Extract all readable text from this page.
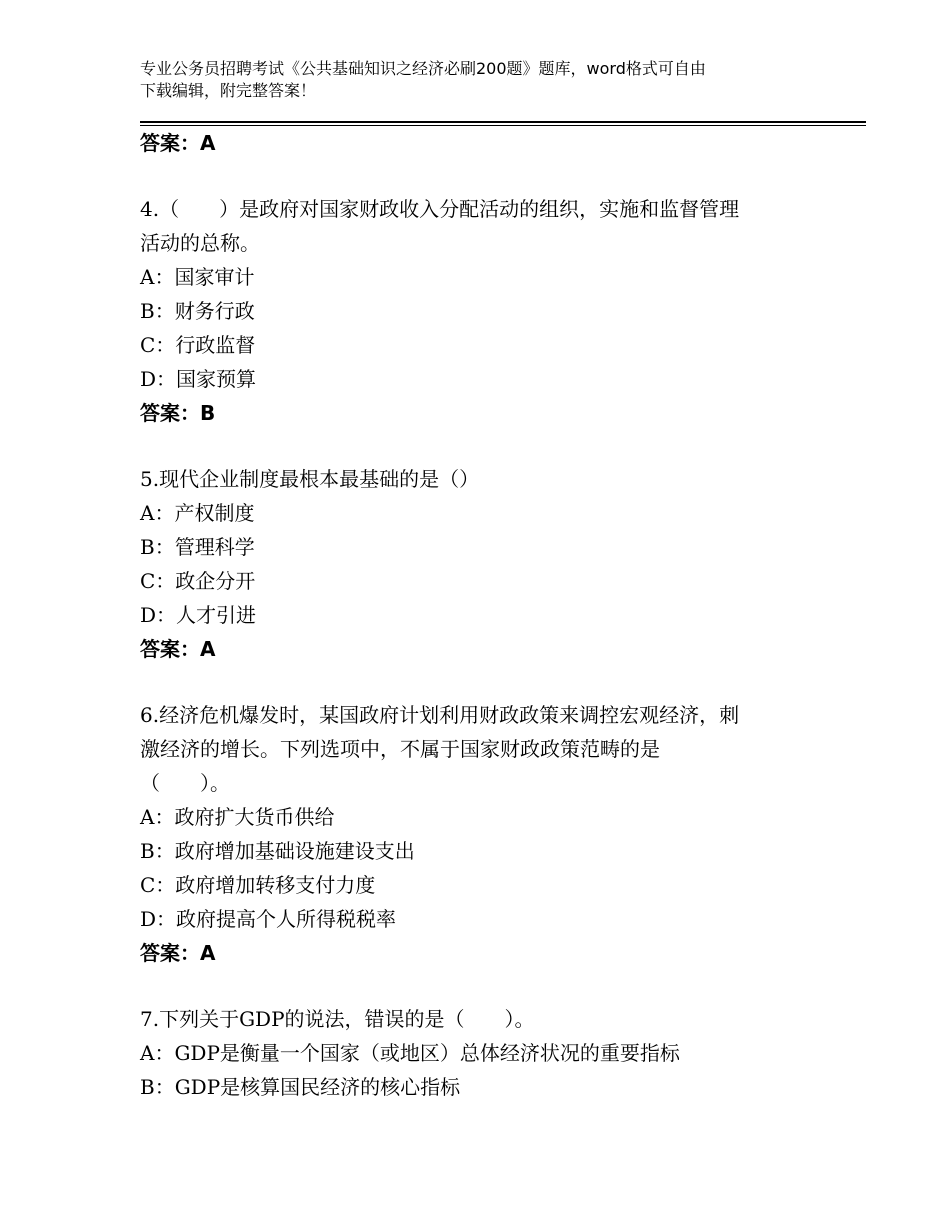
专业公务员招聘考试《公共基础知识之经济必刷200题》题库，word格式可自由
下载编辑，附完整答案！
答案：A
4.（　　）是政府对国家财政收入分配活动的组织，实施和监督管理
活动的总称。
A：国家审计
B：财务行政
C：行政监督
D：国家预算
答案：B
5.现代企业制度最根本最基础的是（）
A：产权制度
B：管理科学
C：政企分开
D：人才引进
答案：A
6.经济危机爆发时，某国政府计划利用财政政策来调控宏观经济，刺
激经济的增长。下列选项中，不属于国家财政政策范畴的是
（　　）。
A：政府扩大货币供给
B：政府增加基础设施建设支出
C：政府增加转移支付力度
D：政府提高个人所得税税率
答案：A
7.下列关于GDP的说法，错误的是（　　）。
A：GDP是衡量一个国家（或地区）总体经济状况的重要指标
B：GDP是核算国民经济的核心指标
